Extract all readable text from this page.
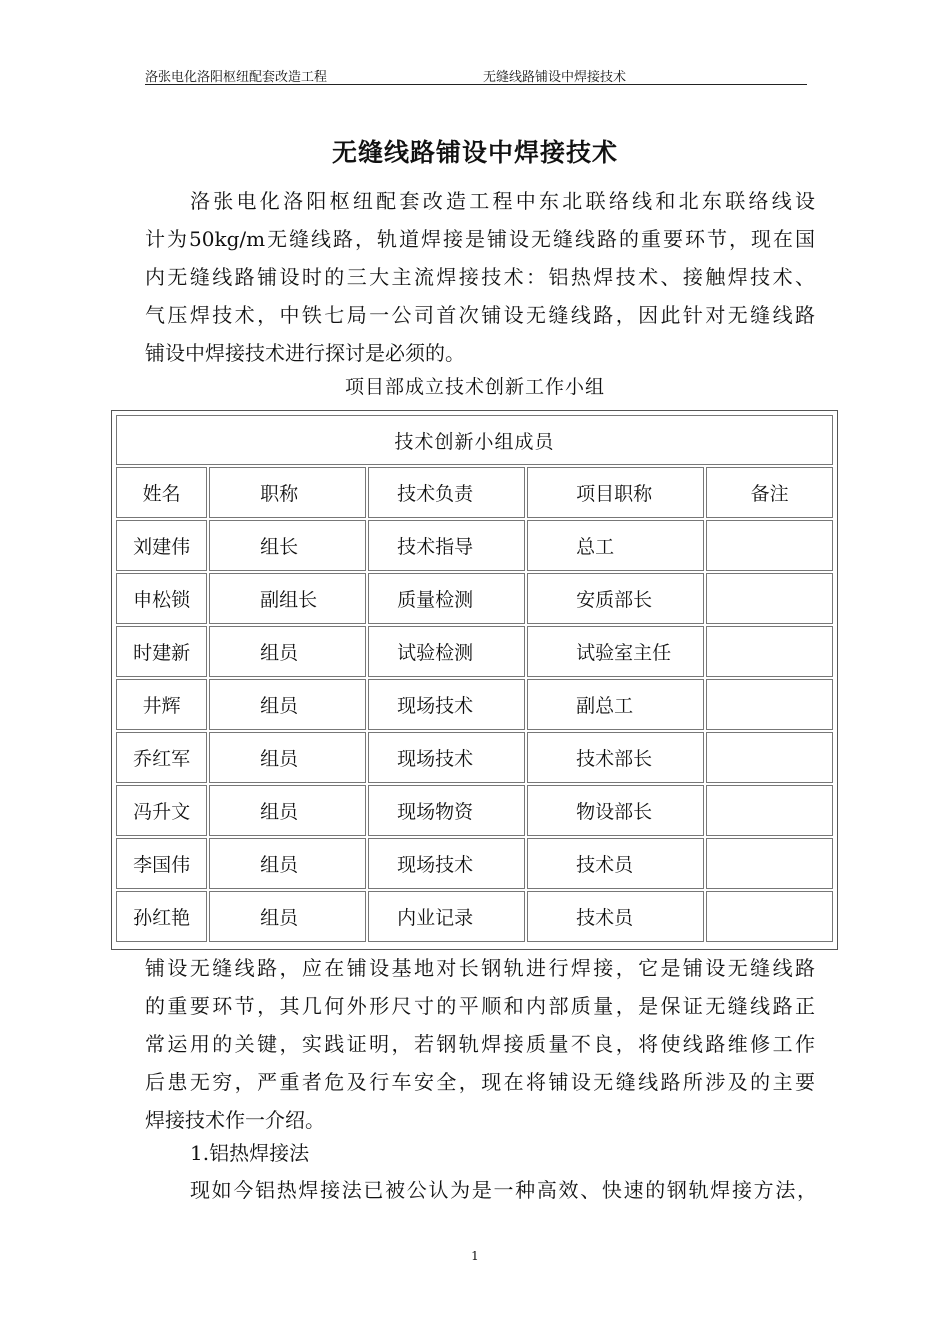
洛张电化洛阳枢纽配套改造工程	无缝线路铺设中焊接技术
无缝线路铺设中焊接技术
洛张电化洛阳枢纽配套改造工程中东北联络线和北东联络线设
计为50kg/m无缝线路，轨道焊接是铺设无缝线路的重要环节，现在国
内无缝线路铺设时的三大主流焊接技术：铝热焊技术、接触焊技术、
气压焊技术，中铁七局一公司首次铺设无缝线路，因此针对无缝线路
铺设中焊接技术进行探讨是必须的。
项目部成立技术创新工作小组
技术创新小组成员				
姓名	职称	技术负责	项目职称	备注
刘建伟	组长	技术指导	总工	
申松锁	副组长	质量检测	安质部长	
时建新	组员	试验检测	试验室主任	
井辉	组员	现场技术	副总工	
乔红军	组员	现场技术	技术部长	
冯升文	组员	现场物资	物设部长	
李国伟	组员	现场技术	技术员	
孙红艳	组员	内业记录	技术员	
铺设无缝线路，应在铺设基地对长钢轨进行焊接，它是铺设无缝线路
的重要环节，其几何外形尺寸的平顺和内部质量，是保证无缝线路正
常运用的关键，实践证明，若钢轨焊接质量不良，将使线路维修工作
后患无穷，严重者危及行车安全，现在将铺设无缝线路所涉及的主要
焊接技术作一介绍。
1.铝热焊接法
现如今铝热焊接法已被公认为是一种高效、快速的钢轨焊接方法，
1
